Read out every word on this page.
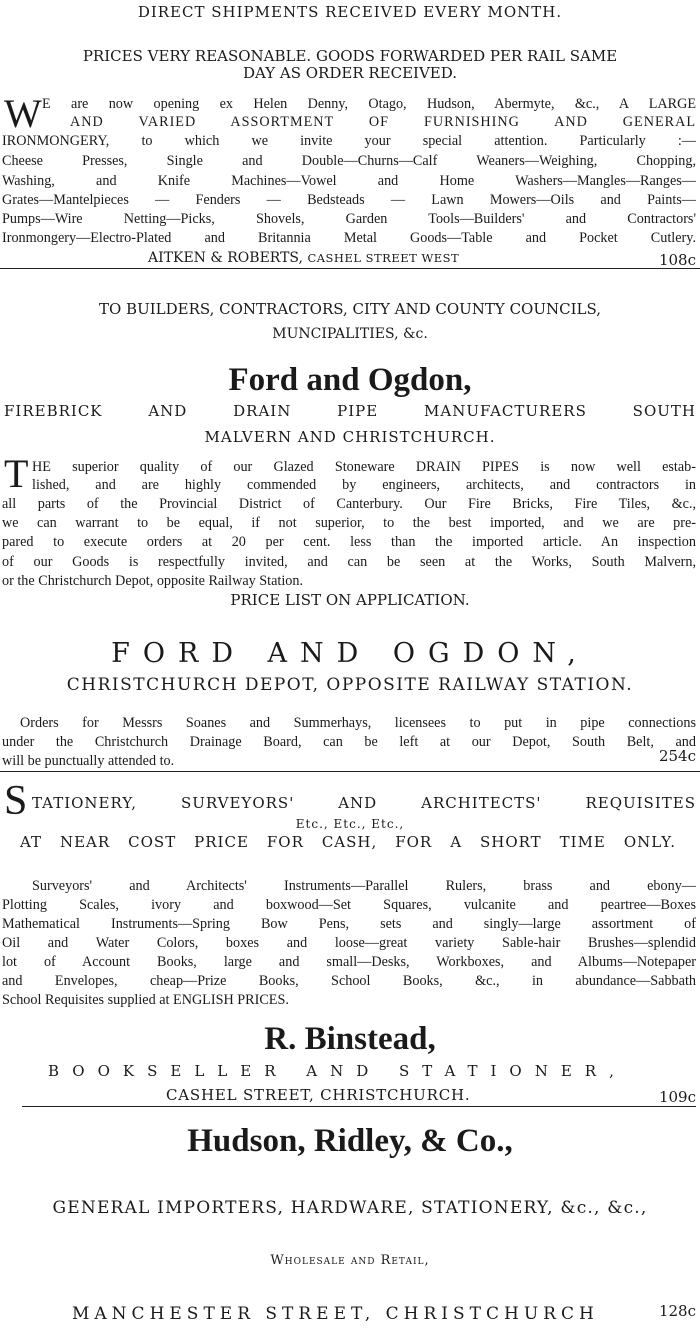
DIRECT SHIPMENTS RECEIVED EVERY MONTH.
PRICES VERY REASONABLE. GOODS FORWARDED PER RAIL SAME
DAY AS ORDER RECEIVED.
W E are now opening ex Helen Denny, Otago, Hudson, Abermyte, &c., A LARGE
AND VARIED ASSORTMENT OF FURNISHING AND GENERAL
IRONMONGERY, to which we invite your special attention. Particularly :—
Cheese Presses, Single and Double—Churns—Calf Weaners—Weighing, Chopping,
Washing, and Knife Machines—Vowel and Home Washers—Mangles—Ranges—
Grates—Mantelpieces — Fenders — Bedsteads — Lawn Mowers—Oils and Paints—
Pumps—Wire Netting—Picks, Shovels, Garden Tools—Builders' and Contractors'
Ironmongery—Electro-Plated and Britannia Metal Goods—Table and Pocket Cutlery.
AITKEN & ROBERTS, CASHEL STREET WEST	108c
TO BUILDERS, CONTRACTORS, CITY AND COUNTY COUNCILS,
MUNCIPALITIES, &c.
Ford and Ogdon,
FIREBRICK AND DRAIN PIPE MANUFACTURERS SOUTH
MALVERN AND CHRISTCHURCH.
T HE superior quality of our Glazed Stoneware DRAIN PIPES is now well estab-
lished, and are highly commended by engineers, architects, and contractors in
all parts of the Provincial District of Canterbury. Our Fire Bricks, Fire Tiles, &c.,
we can warrant to be equal, if not superior, to the best imported, and we are pre-
pared to execute orders at 20 per cent. less than the imported article. An inspection
of our Goods is respectfully invited, and can be seen at the Works, South Malvern,
or the Christchurch Depot, opposite Railway Station.
PRICE LIST ON APPLICATION.
FORD AND OGDON,
CHRISTCHURCH DEPOT, OPPOSITE RAILWAY STATION.
Orders for Messrs Soanes and Summerhays, licensees to put in pipe connections
under the Christchurch Drainage Board, can be left at our Depot, South Belt, and
will be punctually attended to.	254c
S TATIONERY, SURVEYORS' AND ARCHITECTS' REQUISITES
Etc., Etc., Etc.,
AT NEAR COST PRICE FOR CASH, FOR A SHORT TIME ONLY.
Surveyors' and Architects' Instruments—Parallel Rulers, brass and ebony—
Plotting Scales, ivory and boxwood—Set Squares, vulcanite and peartree—Boxes
Mathematical Instruments—Spring Bow Pens, sets and singly—large assortment of
Oil and Water Colors, boxes and loose—great variety Sable-hair Brushes—splendid
lot of Account Books, large and small—Desks, Workboxes, and Albums—Notepaper
and Envelopes, cheap—Prize Books, School Books, &c., in abundance—Sabbath
School Requisites supplied at ENGLISH PRICES.
R. Binstead,
BOOKSELLER AND STATIONER,
CASHEL STREET, CHRISTCHURCH.	109c
Hudson, Ridley, & Co.,
GENERAL IMPORTERS, HARDWARE, STATIONERY, &c., &c.,
Wholesale and Retail,
MANCHESTER STREET, CHRISTCHURCH	128c
